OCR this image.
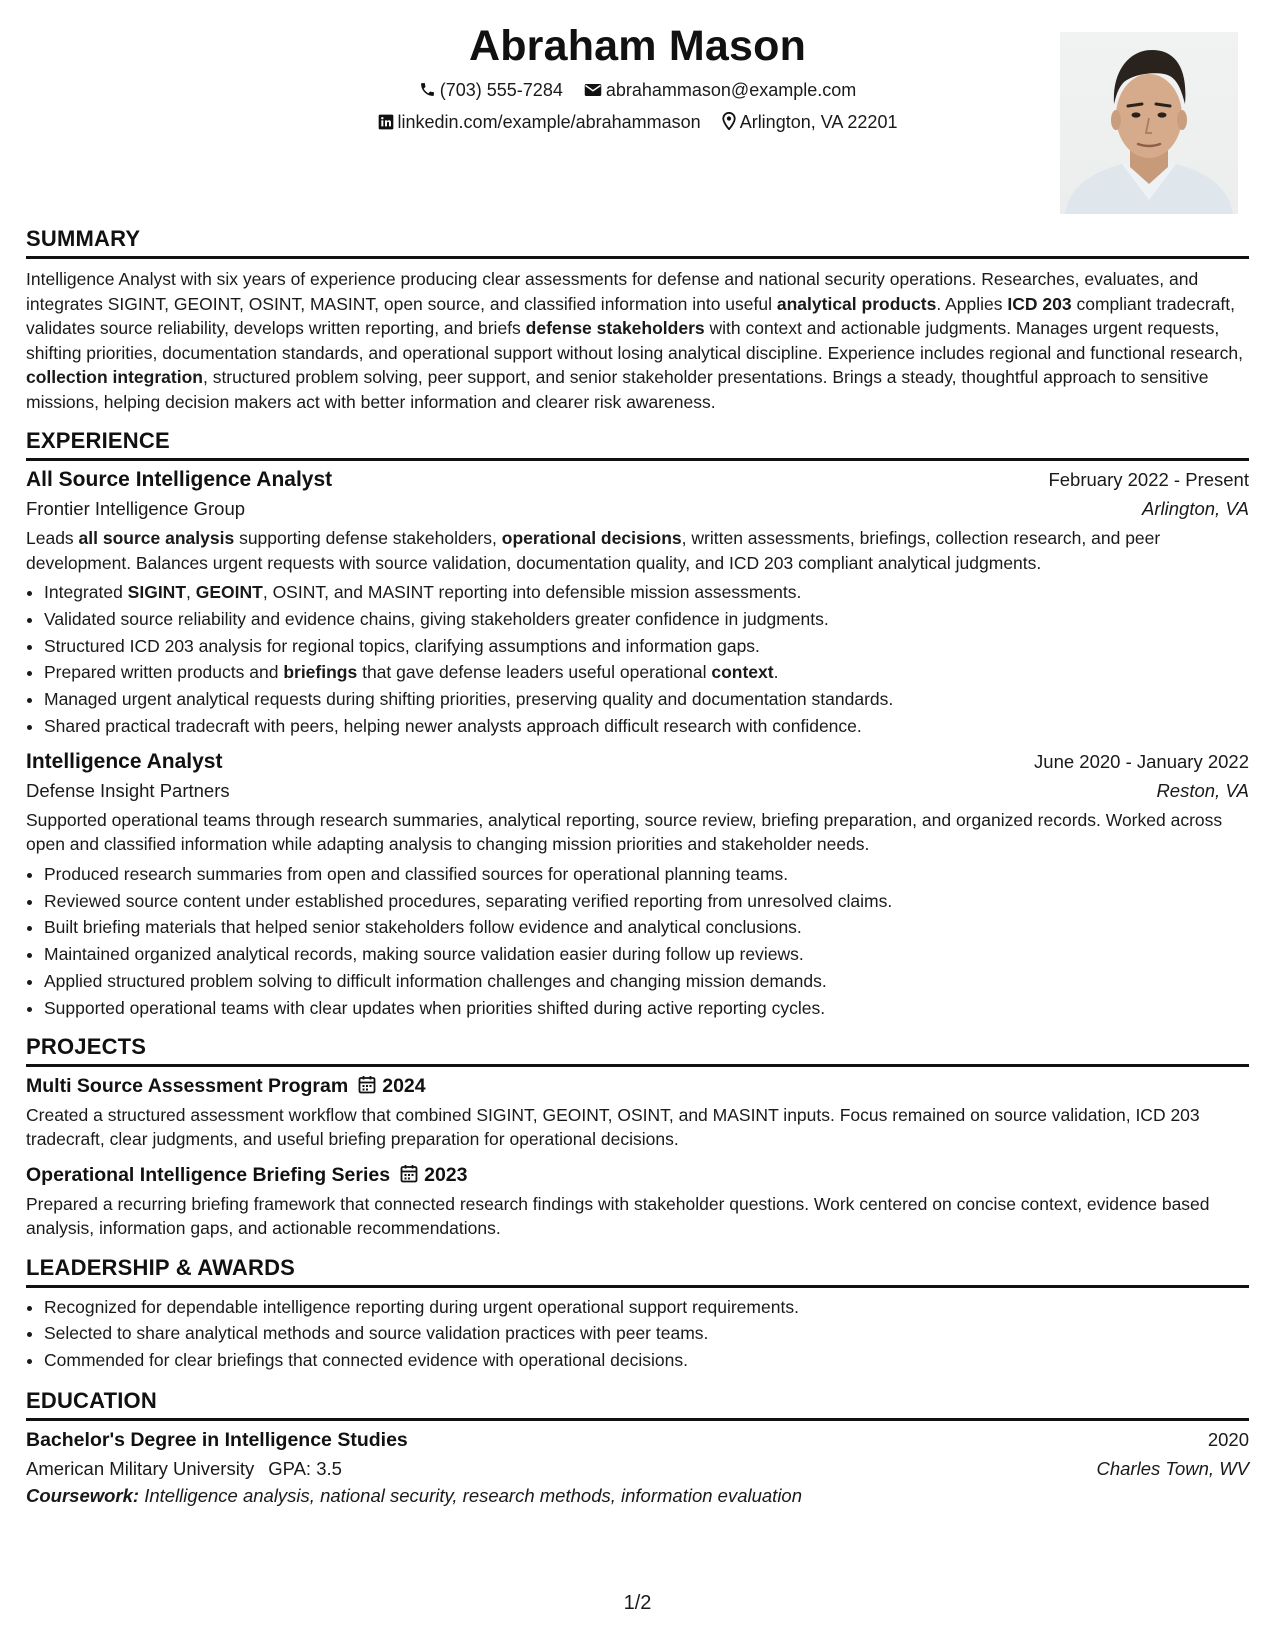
Abraham Mason
(703) 555-7284 abrahammason@example.com
linkedin.com/example/abrahammason Arlington, VA 22201
SUMMARY

Intelligence Analyst with six years of experience producing clear assessments for defense and national security operations. Researches, evaluates, and integrates SIGINT, GEOINT, OSINT, MASINT, open source, and classified information into useful analytical products. Applies ICD 203 compliant tradecraft, validates source reliability, develops written reporting, and briefs defense stakeholders with context and actionable judgments. Manages urgent requests, shifting priorities, documentation standards, and operational support without losing analytical discipline. Experience includes regional and functional research, collection integration, structured problem solving, peer support, and senior stakeholder presentations. Brings a steady, thoughtful approach to sensitive missions, helping decision makers act with better information and clearer risk awareness.

EXPERIENCE
All Source Intelligence Analyst	February 2022 - Present
Frontier Intelligence Group	Arlington, VA

Leads all source analysis supporting defense stakeholders, operational decisions, written assessments, briefings, collection research, and peer development. Balances urgent requests with source validation, documentation quality, and ICD 203 compliant analytical judgments.

• Integrated SIGINT, GEOINT, OSINT, and MASINT reporting into defensible mission assessments.
• Validated source reliability and evidence chains, giving stakeholders greater confidence in judgments.
• Structured ICD 203 analysis for regional topics, clarifying assumptions and information gaps.
• Prepared written products and briefings that gave defense leaders useful operational context.
• Managed urgent analytical requests during shifting priorities, preserving quality and documentation standards.
• Shared practical tradecraft with peers, helping newer analysts approach difficult research with confidence.
Intelligence Analyst	June 2020 - January 2022
Defense Insight Partners	Reston, VA

Supported operational teams through research summaries, analytical reporting, source review, briefing preparation, and organized records. Worked across open and classified information while adapting analysis to changing mission priorities and stakeholder needs.

• Produced research summaries from open and classified sources for operational planning teams.
• Reviewed source content under established procedures, separating verified reporting from unresolved claims.
• Built briefing materials that helped senior stakeholders follow evidence and analytical conclusions.
• Maintained organized analytical records, making source validation easier during follow up reviews.
• Applied structured problem solving to difficult information challenges and changing mission demands.
• Supported operational teams with clear updates when priorities shifted during active reporting cycles.
PROJECTS
Multi Source Assessment Program 2024

Created a structured assessment workflow that combined SIGINT, GEOINT, OSINT, and MASINT inputs. Focus remained on source validation, ICD 203 tradecraft, clear judgments, and useful briefing preparation for operational decisions.

Operational Intelligence Briefing Series 2023

Prepared a recurring briefing framework that connected research findings with stakeholder questions. Work centered on concise context, evidence based analysis, information gaps, and actionable recommendations.

LEADERSHIP & AWARDS
• Recognized for dependable intelligence reporting during urgent operational support requirements.
• Selected to share analytical methods and source validation practices with peer teams.
• Commended for clear briefings that connected evidence with operational decisions.
EDUCATION
Bachelor's Degree in Intelligence Studies	2020
American Military University GPA: 3.5	Charles Town, WV
Coursework: Intelligence analysis, national security, research methods, information evaluation
1/2
